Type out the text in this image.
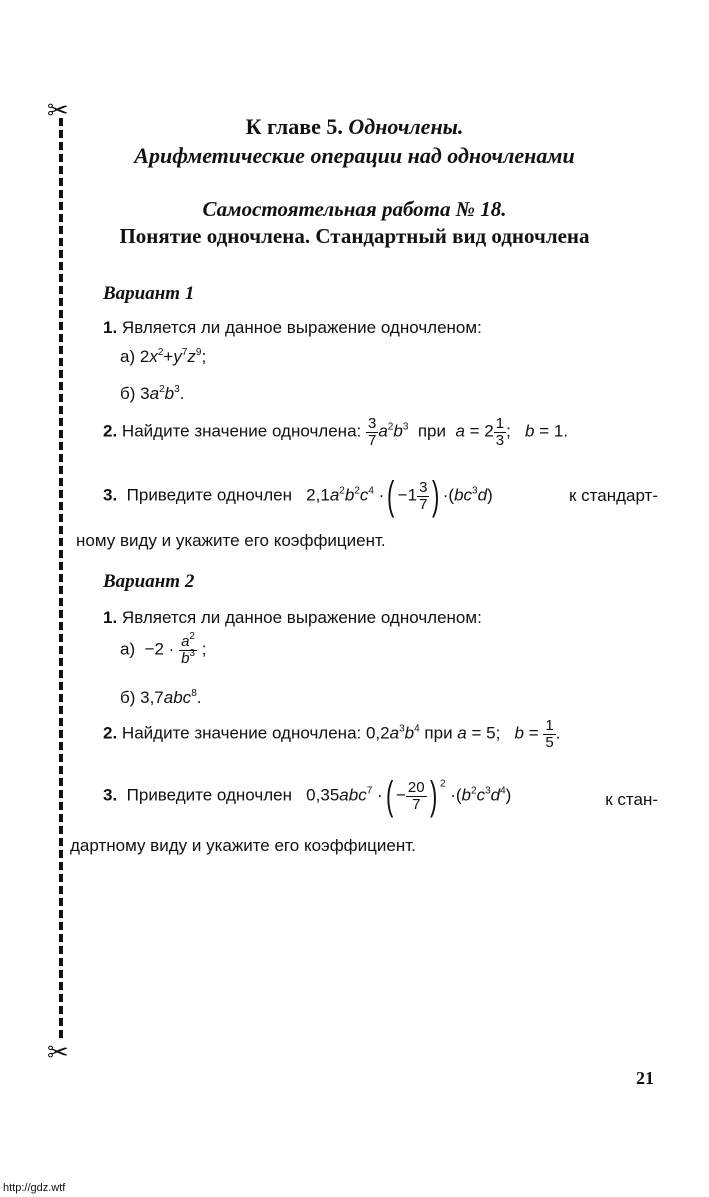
✂
✂
К главе 5. Одночлены.
Арифметические операции над одночленами
Самостоятельная работа № 18.
Понятие одночлена. Стандартный вид одночлена
Вариант 1
1. Является ли данное выражение одночленом:
а) $2x^2+y^7z^9$;
б) $3a^2b^3$.
2. Найдите значение одночлена: $\frac{3}{7} a^2b^3$ при $a = 2 \frac{1}{3}$ ;   b = 1.
3. Приведите одночлен   $2,1a^2b^2c^4$ ·( $-1 \frac{3}{7}$ ) $\cdot(bc^3d)$	к стандарт-
ному виду и укажите его коэффициент.
Вариант 2
1. Является ли данное выражение одночленом:
$а) -2 \cdot \frac{a^2}{b^3}$ ;
б) 3,7abc$^8$.
2. Найдите значение одночлена: $0,2a^3b^4$ при a = 5;   $b = \frac{1}{5}$ .
3. Приведите одночлен   0,35abc$^7$ ·( − $\frac{20}{7}$ ) $^2 \cdot(b^2c^3d^4)$	к стан-
дартному виду и укажите его коэффициент.
21
http://gdz.wtf
